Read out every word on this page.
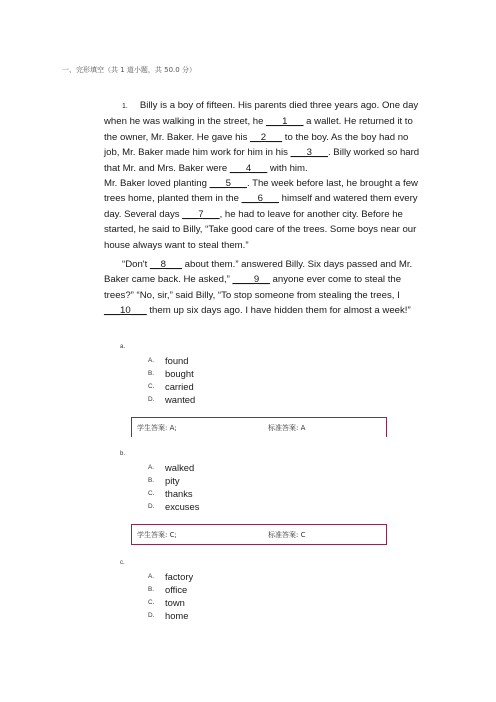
一、完形填空（共 1 道小题，共 50.0 分）
1. Billy is a boy of fifteen. His parents died three years ago. One day when he was walking in the street, he ___1___ a wallet. He returned it to the owner, Mr. Baker. He gave his __2___ to the boy. As the boy had no job, Mr. Baker made him work for him in his ___3___. Billy worked so hard that Mr. and Mrs. Baker were ___4___ with him.
Mr. Baker loved planting ___5___. The week before last, he brought a few trees home, planted them in the ___6___ himself and watered them every day. Several days ___7___, he had to leave for another city. Before he started, he said to Billy, “Take good care of the trees. Some boys near our house always want to steal them.”
“Don't __8___ about them.” answered Billy. Six days passed and Mr. Baker came back. He asked,” ____9__ anyone ever come to steal the trees?” “No, sir,” said Billy, “To stop someone from stealing the trees, I ___10___ them up six days ago. I have hidden them for almost a week!”
a.
A.	found
B.	bought
C.	carried
D.	wanted
学生答案: A;	标准答案: A
b.
A.	walked
B.	pity
C.	thanks
D.	excuses
学生答案: C;	标准答案: C
c.
A.	factory
B.	office
C.	town
D.	home
